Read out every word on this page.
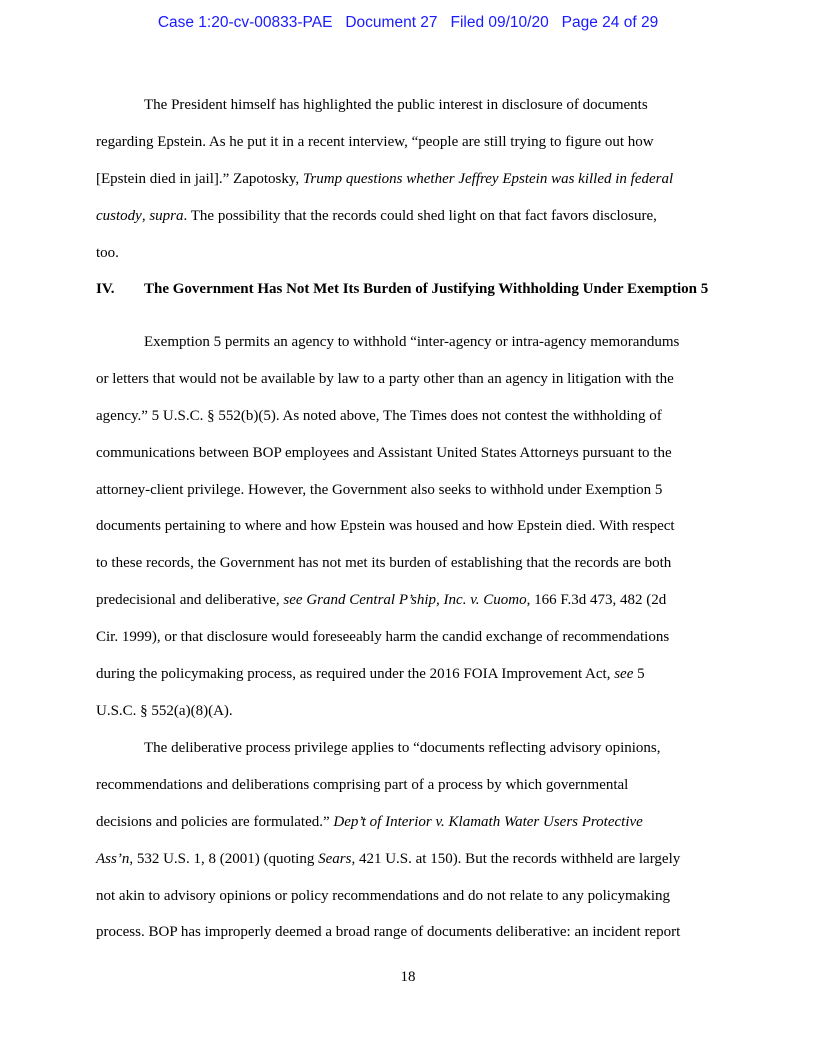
Case 1:20-cv-00833-PAE Document 27 Filed 09/10/20 Page 24 of 29
The President himself has highlighted the public interest in disclosure of documents
regarding Epstein. As he put it in a recent interview, “people are still trying to figure out how
[Epstein died in jail].” Zapotosky, Trump questions whether Jeffrey Epstein was killed in federal
custody, supra. The possibility that the records could shed light on that fact favors disclosure,
too.
IV. The Government Has Not Met Its Burden of Justifying Withholding Under Exemption 5
Exemption 5 permits an agency to withhold “inter-agency or intra-agency memorandums
or letters that would not be available by law to a party other than an agency in litigation with the
agency.” 5 U.S.C. § 552(b)(5). As noted above, The Times does not contest the withholding of
communications between BOP employees and Assistant United States Attorneys pursuant to the
attorney-client privilege. However, the Government also seeks to withhold under Exemption 5
documents pertaining to where and how Epstein was housed and how Epstein died. With respect
to these records, the Government has not met its burden of establishing that the records are both
predecisional and deliberative, see Grand Central P’ship, Inc. v. Cuomo, 166 F.3d 473, 482 (2d
Cir. 1999), or that disclosure would foreseeably harm the candid exchange of recommendations
during the policymaking process, as required under the 2016 FOIA Improvement Act, see 5
U.S.C. § 552(a)(8)(A).
The deliberative process privilege applies to “documents reflecting advisory opinions,
recommendations and deliberations comprising part of a process by which governmental
decisions and policies are formulated.” Dep’t of Interior v. Klamath Water Users Protective
Ass’n, 532 U.S. 1, 8 (2001) (quoting Sears, 421 U.S. at 150). But the records withheld are largely
not akin to advisory opinions or policy recommendations and do not relate to any policymaking
process. BOP has improperly deemed a broad range of documents deliberative: an incident report
18
